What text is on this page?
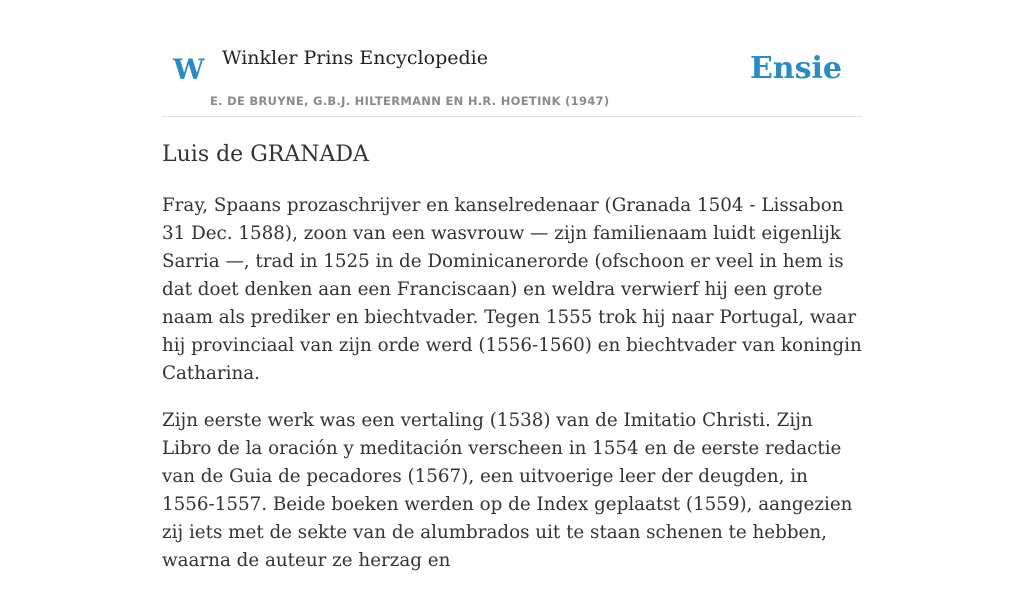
W Winkler Prins Encyclopedie
E. DE BRUYNE, G.B.J. HILTERMANN EN H.R. HOETINK (1947)
Ensie
Luis de GRANADA

Fray, Spaans prozaschrijver en kanselredenaar (Granada 1504 - Lissabon 31 Dec. 1588), zoon van een wasvrouw — zijn familienaam luidt eigenlijk Sarria —, trad in 1525 in de Dominicanerorde (ofschoon er veel in hem is dat doet denken aan een Franciscaan) en weldra verwierf hij een grote naam als prediker en biechtvader. Tegen 1555 trok hij naar Portugal, waar hij provinciaal van zijn orde werd (1556-1560) en biechtvader van koningin Catharina.

Zijn eerste werk was een vertaling (1538) van de Imitatio Christi. Zijn Libro de la oración y meditación verscheen in 1554 en de eerste redactie van de Guia de pecadores (1567), een uitvoerige leer der deugden, in 1556-1557. Beide boeken werden op de Index geplaatst (1559), aangezien zij iets met de sekte van de alumbrados uit te staan schenen te hebben, waarna de auteur ze herzag en
